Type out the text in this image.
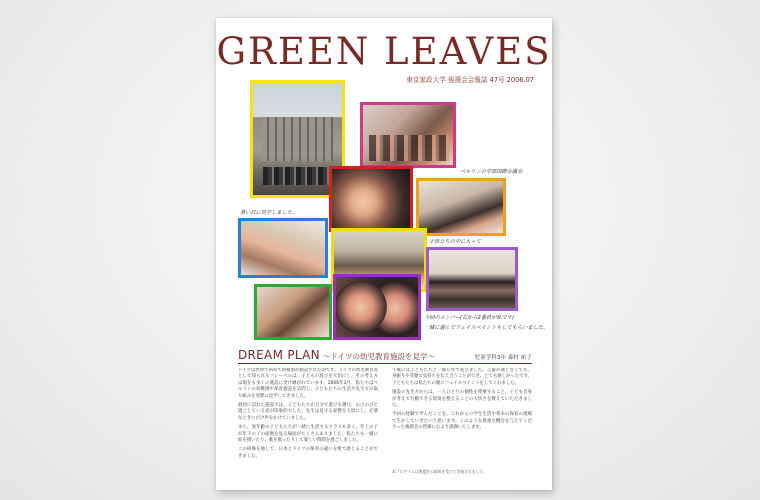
GREEN LEAVES
東京家政大学 後援会会報誌 47号 2006.07
ベルリンの学部国際会議会
暑い日に見学しました。
子供たちの中に入って
今回のメンバー(右から2番目が私です)
一緒に遊んでフェイスペイントもしてもらいました。
DREAM PLAN ～ドイツの幼児教育施設を見学～	児童学科3年 森村 祐子

ドイツは世界で初めて幼稚園が創設された国です。ドイツの幼児教育者として知られるフレーベルは、子どもの遊びを大切にし、その考え方は現在も多くの施設に受け継がれています。2006年3月、私たちはベルリンの幼稚園や保育施設を訪問し、子どもたちの生活や先生方の取り組みを実際に見学してきました。

最初に訪れた施設では、子どもたちが自分で遊びを選び、のびのびと過ごしている姿が印象的でした。先生は見守る姿勢を大切にし、必要なときにだけ声をかけていました。

また、異年齢の子どもたちが一緒に生活するクラスも多く、年上の子が年下の子の面倒を見る場面がたくさんありました。私たちも一緒に絵を描いたり、歌を歌ったりして楽しい時間を過ごしました。

この研修を通して、日本とドイツの保育の違いを肌で感じることができました。

午後には子どもたちと一緒に外で遊びました。言葉が通じなくても、身振りや笑顔で気持ちを伝え合うことができ、とても嬉しかったです。子どもたちは私たちの顔にフェイスペイントをしてくれました。

施設の先生方からは、一人ひとりの個性を尊重すること、子ども自身が考えて行動できる環境を整えることの大切さを教えていただきました。

今回の経験で学んだことを、これからの学生生活や将来の保育の現場で生かしていきたいと思います。このような貴重な機会を与えてくださった後援会の皆様に心より感謝いたします。

本プログラムは後援会の助成を受けて実施されました。
